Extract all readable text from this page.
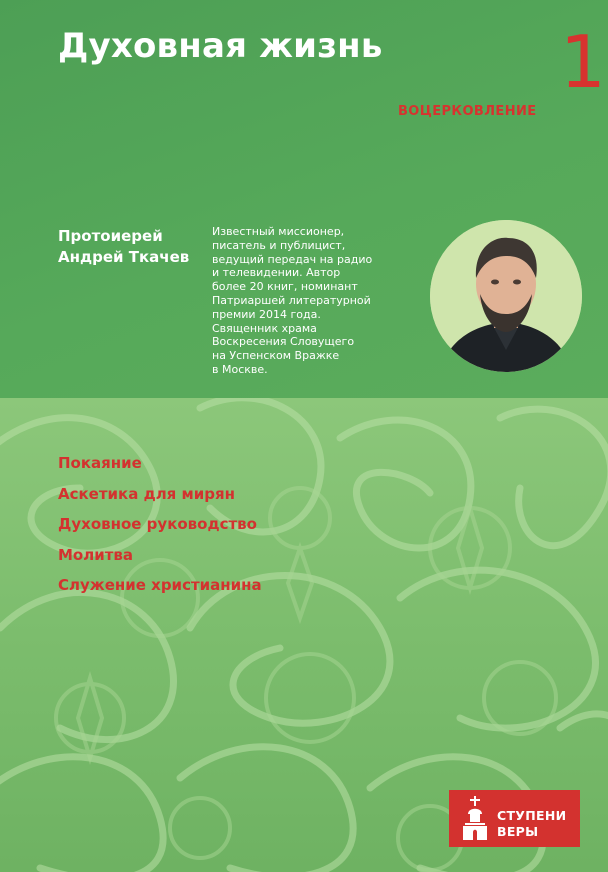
Духовная жизнь 1
ВОЦЕРКОВЛЕНИЕ
Протоиерей
Андрей Ткачев
Известный миссионер,
писатель и публицист,
ведущий передач на радио
и телевидении. Автор
более 20 книг, номинант
Патриаршей литературной
премии 2014 года.
Священник храма
Воскресения Словущего
на Успенском Вражке
в Москве.
Покаяние
Аскетика для мирян
Духовное руководство
Молитва
Служение христианина
СТУПЕНИ
ВЕРЫ
